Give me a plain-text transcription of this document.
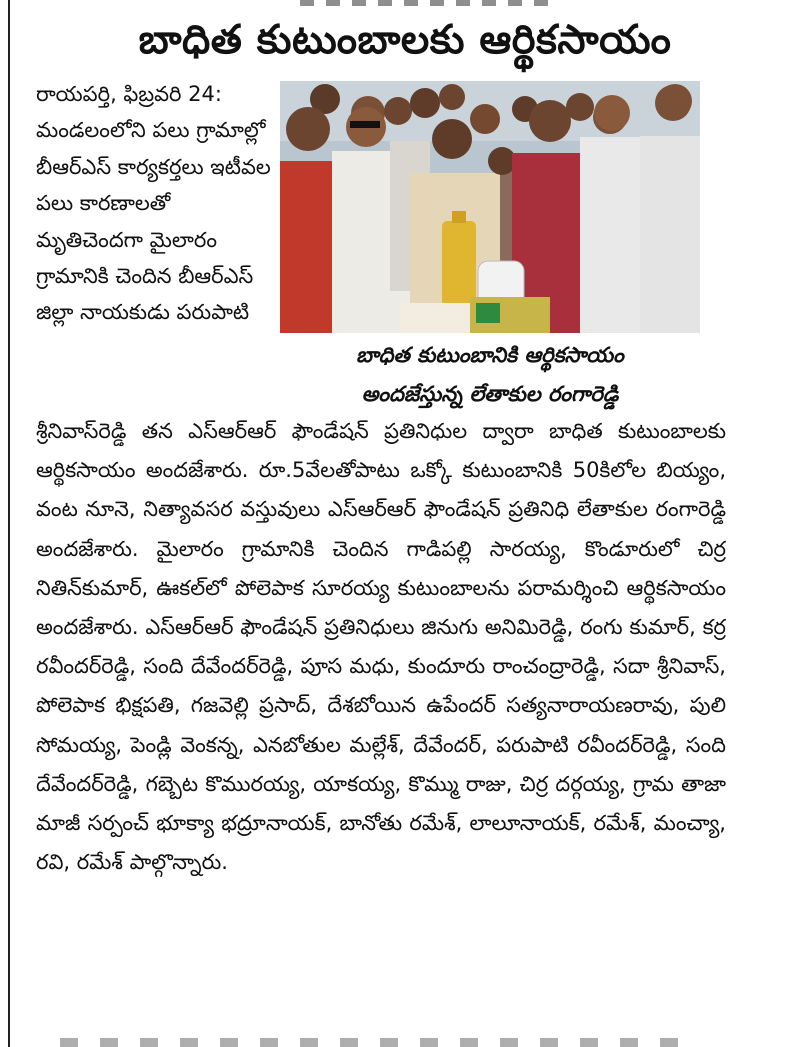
బాధిత కుటుంబాలకు ఆర్థికసాయం

రాయపర్తి, ఫిబ్రవరి 24: మండలంలోని పలు గ్రామాల్లో బీఆర్ఎస్ కార్యకర్తలు ఇటీవల పలు కారణాలతో మృతిచెందగా మైలారం గ్రామానికి చెందిన బీఆర్ఎస్ జిల్లా నాయకుడు పరుపాటి

బాధిత కుటుంబానికి ఆర్థికసాయం
అందజేస్తున్న లేతాకుల రంగారెడ్డి

శ్రీనివాస్‌రెడ్డి తన ఎస్ఆర్ఆర్ ఫౌండేషన్ ప్రతినిధుల ద్వారా బాధిత కుటుంబాలకు ఆర్థికసాయం అందజేశారు. రూ.5వేలతోపాటు ఒక్కో కుటుంబానికి 50కిలోల బియ్యం, వంట నూనె, నిత్యావసర వస్తువులు ఎస్ఆర్ఆర్ ఫౌండేషన్ ప్రతినిధి లేతాకుల రంగారెడ్డి అందజేశారు. మైలారం గ్రామానికి చెందిన గాడిపల్లి సారయ్య, కొండూరులో చిర్ర నితిన్‌కుమార్, ఊకల్‌లో పోలెపాక సూరయ్య కుటుంబాలను పరామర్శించి ఆర్థికసాయం అందజేశారు. ఎస్ఆర్ఆర్ ఫౌండేషన్ ప్రతినిధులు జినుగు అనిమిరెడ్డి, రంగు కుమార్, కర్ర రవీందర్‌రెడ్డి, సంది దేవేందర్‌రెడ్డి, పూస మధు, కుందూరు రాంచంద్రారెడ్డి, సదా శ్రీనివాస్, పోలెపాక భిక్షపతి, గజవెల్లి ప్రసాద్, దేశబోయిన ఉపేందర్ సత్యనారాయణరావు, పులి సోమయ్య, పెండ్లి వెంకన్న, ఎనబోతుల మల్లేశ్, దేవేందర్, పరుపాటి రవీందర్‌రెడ్డి, సంది దేవేందర్‌రెడ్డి, గబ్బెట కొమురయ్య, యాకయ్య, కొమ్ము రాజు, చిర్ర దర్గయ్య, గ్రామ తాజా మాజీ సర్పంచ్ భూక్యా భద్రూనాయక్, బానోతు రమేశ్, లాలూనాయక్, రమేశ్, మంచ్యా, రవి, రమేశ్ పాల్గొన్నారు.
